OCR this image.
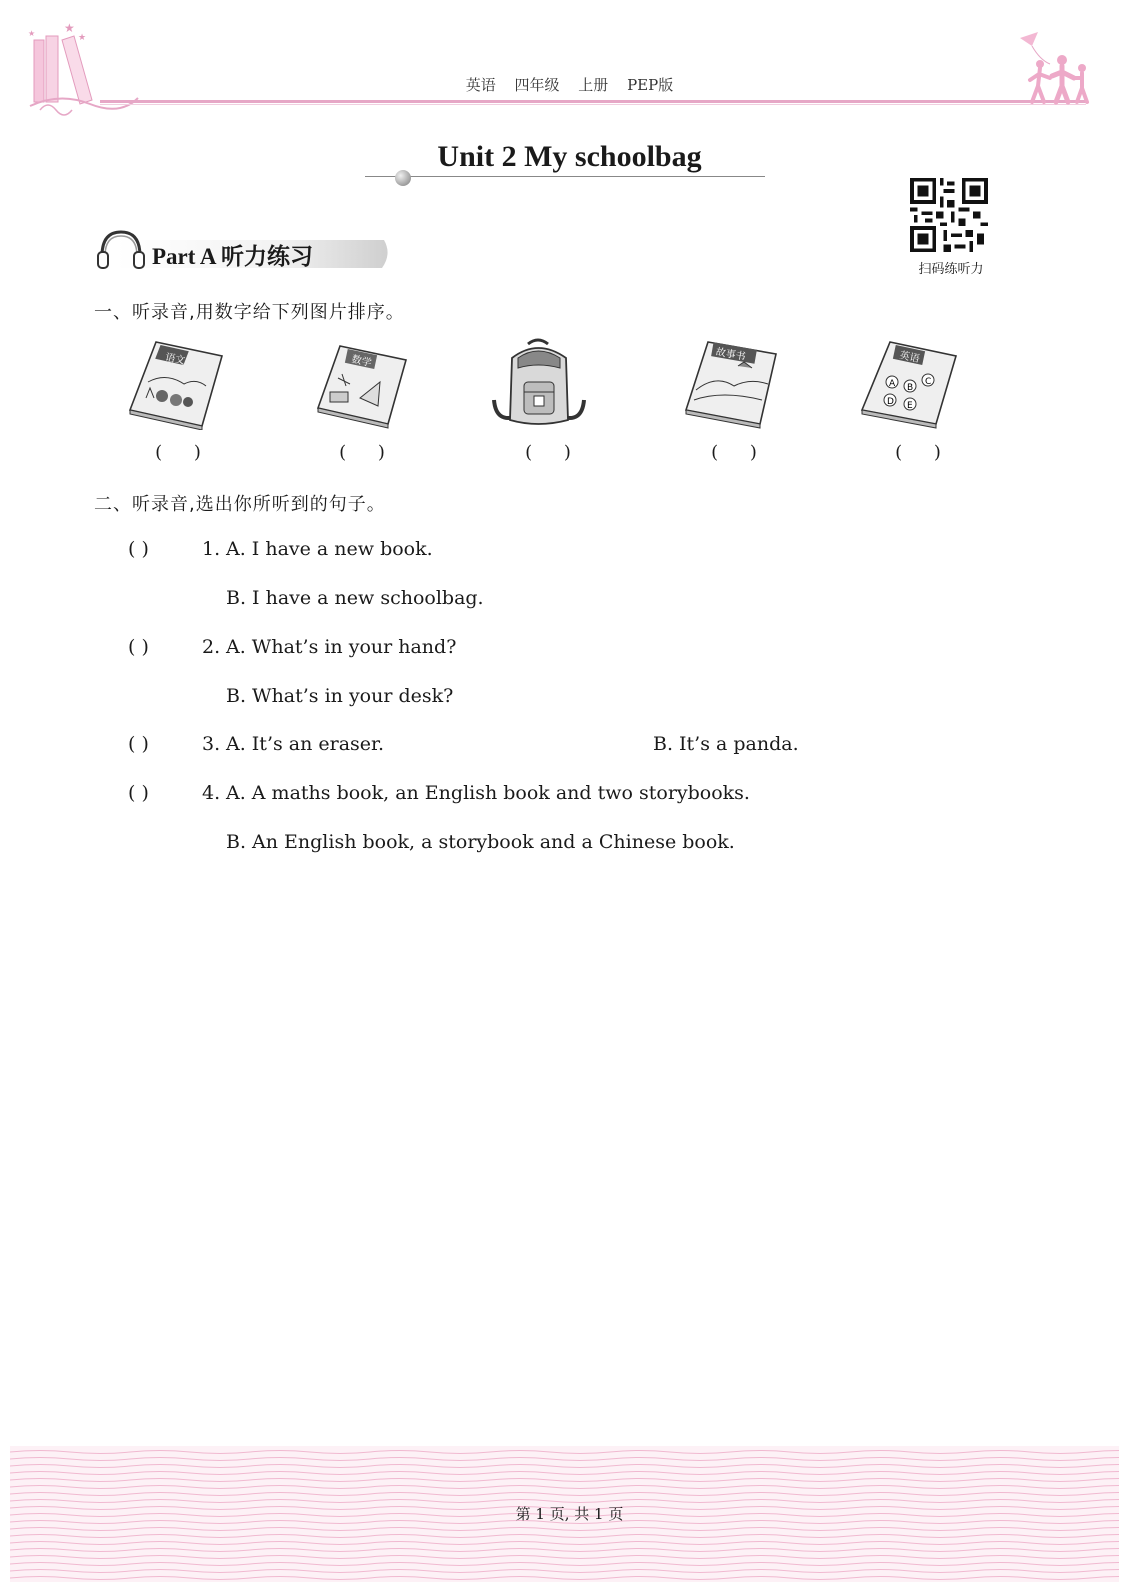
★
★
★
英语 四年级 上册 PEP版
Unit 2 My schoolbag
扫码练听力
Part A 听力练习
一、听录音,用数字给下列图片排序。
语文	数学	故事书	英语
A B
C
D E
( )	( )	( )	( )	( )
二、听录音,选出你所听到的句子。
( )	1. A. I have a new book.
B. I have a new schoolbag.
( )	2. A. What’s in your hand?
B. What’s in your desk?
( )	3. A. It’s an eraser.	B. It’s a panda.
( )	4. A. A maths book, an English book and two storybooks.
B. An English book, a storybook and a Chinese book.
第 1 页, 共 1 页
